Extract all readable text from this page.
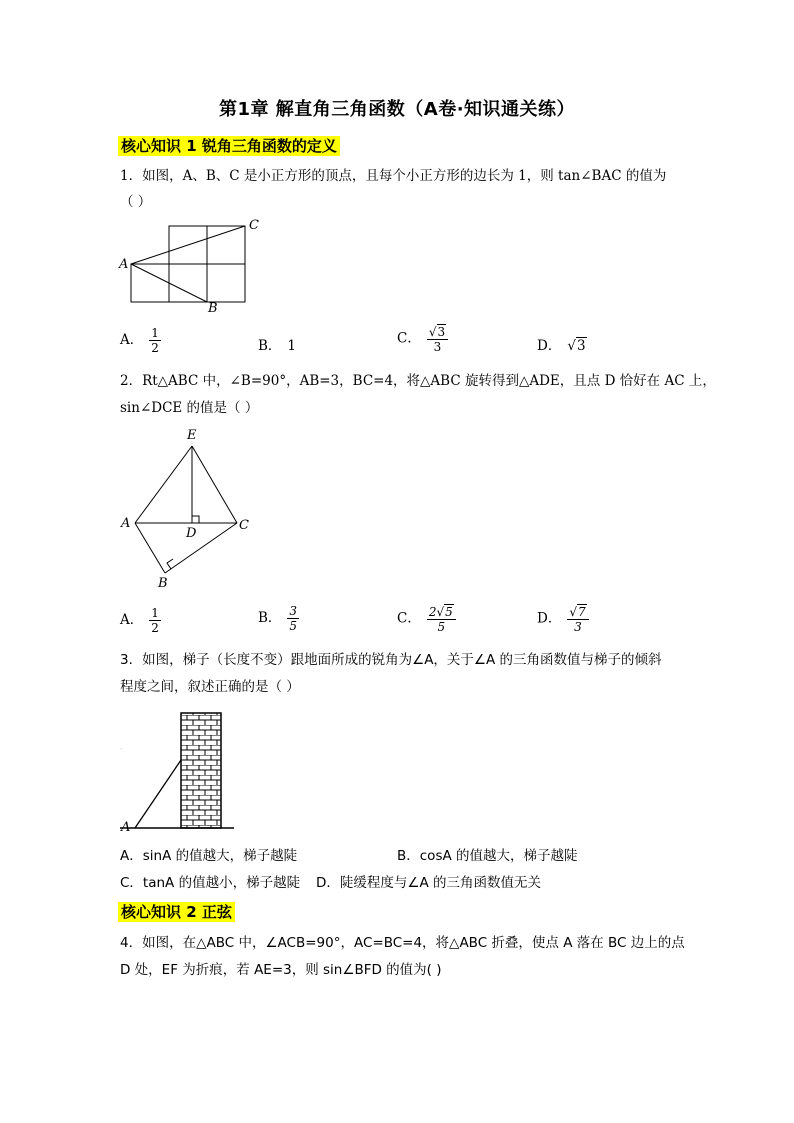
第1章 解直角三角函数（A卷·知识通关练）
核心知识 1 锐角三角函数的定义
1．如图，A、B、C 是小正方形的顶点，且每个小正方形的边长为 1，则 tan∠BAC 的值为
（ ）
A
C
B
A． $\frac{1}{2}$	B． 1	C． $\frac{√3}{3}$	D． √3
2．Rt△ABC 中，∠B=90°，AB=3，BC=4，将△ABC 旋转得到△ADE，且点 D 恰好在 AC 上，
sin∠DCE 的值是（ ）
E
A	C
D
B
A． $\frac{1}{2}$	B． $\frac{3}{5}$	C． $\frac{2√5}{5}$	D． $\frac{√7}{3}$
3．如图，梯子（长度不变）跟地面所成的锐角为∠A，关于∠A 的三角函数值与梯子的倾斜
程度之间，叙述正确的是（ ）
A
A．sinA 的值越大，梯子越陡	B．cosA 的值越大，梯子越陡
C．tanA 的值越小，梯子越陡 D．陡缓程度与∠A 的三角函数值无关
核心知识 2 正弦
4．如图，在△ABC 中，∠ACB=90°，AC=BC=4，将△ABC 折叠，使点 A 落在 BC 边上的点
D 处，EF 为折痕，若 AE=3，则 sin∠BFD 的值为( )
